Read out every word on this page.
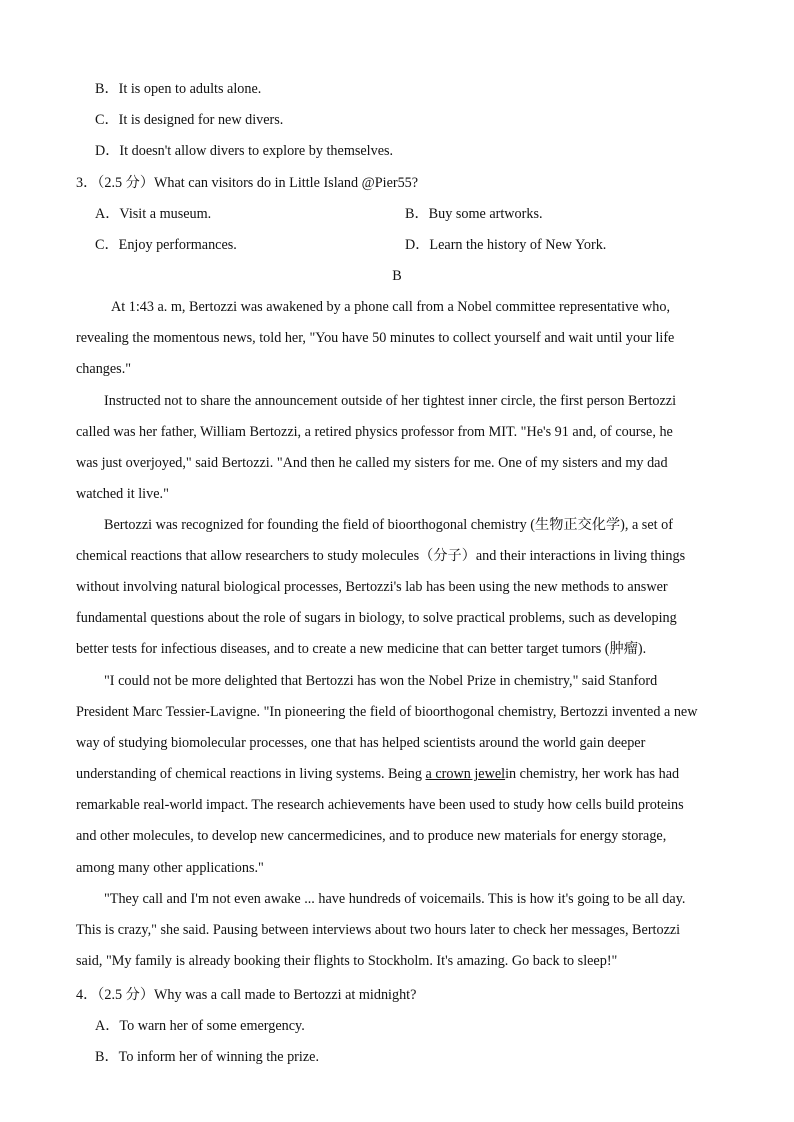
B．It is open to adults alone.
C．It is designed for new divers.
D．It doesn't allow divers to explore by themselves.
3．（2.5 分）What can visitors do in Little Island @Pier55?
A．Visit a museum.	B．Buy some artworks.
C．Enjoy performances.	D．Learn the history of New York.
B
At 1:43 a. m, Bertozzi was awakened by a phone call from a Nobel committee representative who,
revealing the momentous news, told her, "You have 50 minutes to collect yourself and wait until your life
changes."
Instructed not to share the announcement outside of her tightest inner circle, the first person Bertozzi
called was her father, William Bertozzi, a retired physics professor from MIT. "He's 91 and, of course, he
was just overjoyed," said Bertozzi. "And then he called my sisters for me. One of my sisters and my dad
watched it live."
Bertozzi was recognized for founding the field of bioorthogonal chemistry (生物正交化学), a set of
chemical reactions that allow researchers to study molecules（分子）and their interactions in living things
without involving natural biological processes, Bertozzi's lab has been using the new methods to answer
fundamental questions about the role of sugars in biology, to solve practical problems, such as developing
better tests for infectious diseases, and to create a new medicine that can better target tumors (肿瘤).
"I could not be more delighted that Bertozzi has won the Nobel Prize in chemistry," said Stanford
President Marc Tessier-Lavigne. "In pioneering the field of bioorthogonal chemistry, Bertozzi invented a new
way of studying biomolecular processes, one that has helped scientists around the world gain deeper
understanding of chemical reactions in living systems. Being a crown jewelin chemistry, her work has had
remarkable real-world impact. The research achievements have been used to study how cells build proteins
and other molecules, to develop new cancermedicines, and to produce new materials for energy storage,
among many other applications."
"They call and I'm not even awake ... have hundreds of voicemails. This is how it's going to be all day.
This is crazy," she said. Pausing between interviews about two hours later to check her messages, Bertozzi
said, "My family is already booking their flights to Stockholm. It's amazing. Go back to sleep!"
4．（2.5 分）Why was a call made to Bertozzi at midnight?
A．To warn her of some emergency.
B．To inform her of winning the prize.
